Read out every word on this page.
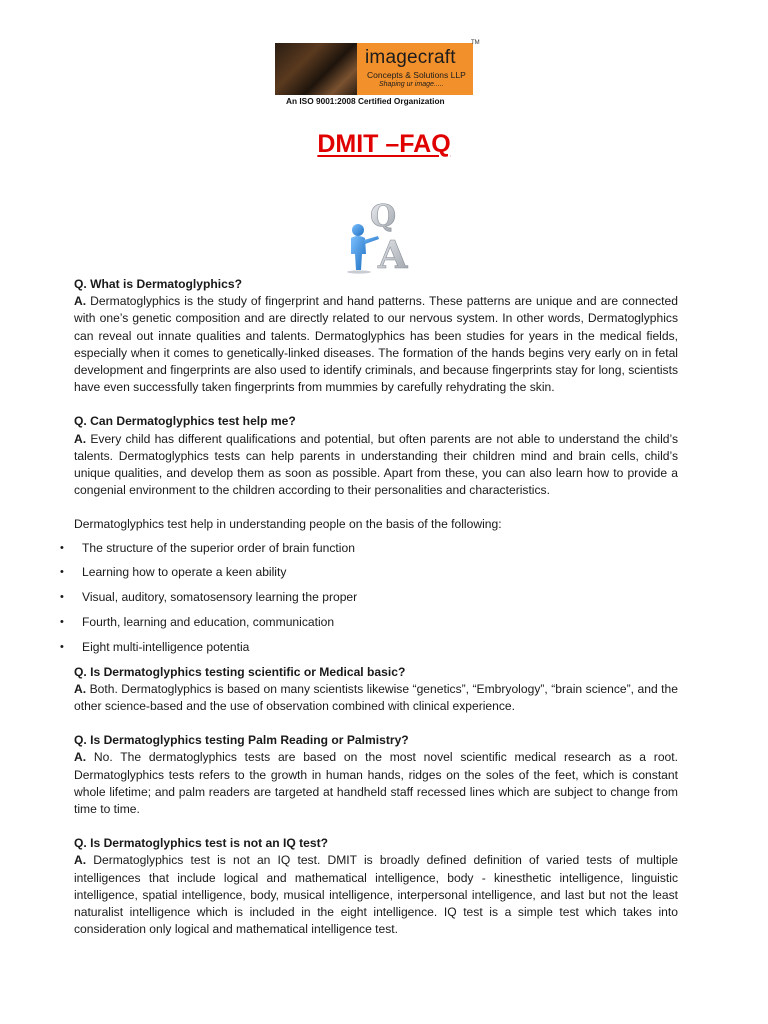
imagecraft
Concepts & Solutions LLP
Shaping ur image.....
TM
An ISO 9001:2008 Certified Organization
DMIT –FAQ
Q
A

Q. What is Dermatoglyphics?

A. Dermatoglyphics is the study of fingerprint and hand patterns. These patterns are unique and are connected with one’s genetic composition and are directly related to our nervous system. In other words, Dermatoglyphics can reveal out innate qualities and talents. Dermatoglyphics has been studies for years in the medical fields, especially when it comes to genetically-linked diseases. The formation of the hands begins very early on in fetal development and fingerprints are also used to identify criminals, and because fingerprints stay for long, scientists have even successfully taken fingerprints from mummies by carefully rehydrating the skin.

Q. Can Dermatoglyphics test help me?

A. Every child has different qualifications and potential, but often parents are not able to understand the child’s talents. Dermatoglyphics tests can help parents in understanding their children mind and brain cells, child’s unique qualities, and develop them as soon as possible. Apart from these, you can also learn how to provide a congenial environment to the children according to their personalities and characteristics.

Dermatoglyphics test help in understanding people on the basis of the following:

• The structure of the superior order of brain function
• Learning how to operate a keen ability
• Visual, auditory, somatosensory learning the proper
• Fourth, learning and education, communication
• Eight multi-intelligence potentia

Q. Is Dermatoglyphics testing scientific or Medical basic?

A. Both. Dermatoglyphics is based on many scientists likewise “genetics”, “Embryology”, “brain science”, and the other science-based and the use of observation combined with clinical experience.

Q. Is Dermatoglyphics testing Palm Reading or Palmistry?

A. No. The dermatoglyphics tests are based on the most novel scientific medical research as a root. Dermatoglyphics tests refers to the growth in human hands, ridges on the soles of the feet, which is constant whole lifetime; and palm readers are targeted at handheld staff recessed lines which are subject to change from time to time.

Q. Is Dermatoglyphics test is not an IQ test?

A. Dermatoglyphics test is not an IQ test. DMIT is broadly defined definition of varied tests of multiple intelligences that include logical and mathematical intelligence, body - kinesthetic intelligence, linguistic intelligence, spatial intelligence, body, musical intelligence, interpersonal intelligence, and last but not the least naturalist intelligence which is included in the eight intelligence. IQ test is a simple test which takes into consideration only logical and mathematical intelligence test.
